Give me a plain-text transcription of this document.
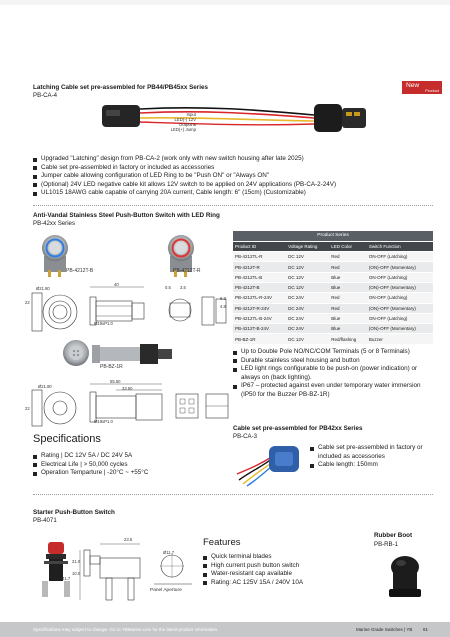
Latching Cable set pre-assembled for PB44/PB45xx Series
PB-CA-4
New
Product
Input
LED(-) 12V
Output &
LED(+) Jump
Upgraded "Latching" design from PB-CA-2 (work only with new switch housing after late 2025)
Cable set pre-assembled in factory or included as accessories
Jumper cable allowing configuration of LED Ring to be "Push ON" or "Always ON"
(Optional) 24V LED negative cable kit allows 12V switch to be applied on 24V applications (PB-CA-2-24V)
UL1015 18AWG cable capable of carrying 20A current, Cable length: 6" (15cm) (Customizable)
Anti-Vandal Stainless Steel Push-Button Switch with LED Ring
PB-42xx Series
PB-4212T-B	PB-4212T-R
Ø21.80
40
M19xP1.0
0.5 3.5
22
6.3
4.8
PB-BZ-1R
Ø21.80
55.50
33.50
M19xP1.0
22
Product Series			
Product ID	Voltage Rating	LED Color	Switch Function
PB-4212TL-R	DC 12V	Red	ON-OFF (Latching)
PB-4212T-R	DC 12V	Red	(ON)-OFF (Momentary)
PB-4212TL-B	DC 12V	Blue	ON-OFF (Latching)
PB-4212T-B	DC 12V	Blue	(ON)-OFF (Momentary)
PB-4212TL-R-24V	DC 24V	Red	ON-OFF (Latching)
PB-4212T-R-24V	DC 24V	Red	(ON)-OFF (Momentary)
PB-4212TL-B-24V	DC 24V	Blue	ON-OFF (Latching)
PB-4212T-B-24V	DC 24V	Blue	(ON)-OFF (Momentary)
PB-BZ-1R	DC 12V	Red/flashing	Buzzer
Up to Double Pole NO/NC/COM Terminals (5 or 8 Terminals)
Durable stainless steel housing and button
LED light rings configurable to be push-on (power indication) or always on (back lighting).
IP67 – protected against even under temporary water immersion (IP50 for the Buzzer PB-BZ-1R)
Specifications
Rating | DC 12V 5A / DC 24V 5A
Electrical Life | > 50,000 cycles
Operation Temparture | -20°C ~ +55°C
Cable set pre-assembled for PB42xx Series
PB-CA-3
Cable set pre-assembled in factory or included as accessories
Cable length: 150mm
Starter Push-Button Switch
PB-4071
23.5
21.0
10.0
41.7
Ø11.7
Panel Aperture
Features
Quick terminal blades
High current push button switch
Water-resistant cap available
Rating: AC 125V 15A / 240V 10A
Rubber Boot
PB-RB-1
Specifications may subject to change. Go to YBMarine.com for the latest product information.	Marine Grade Switches | YB 81
